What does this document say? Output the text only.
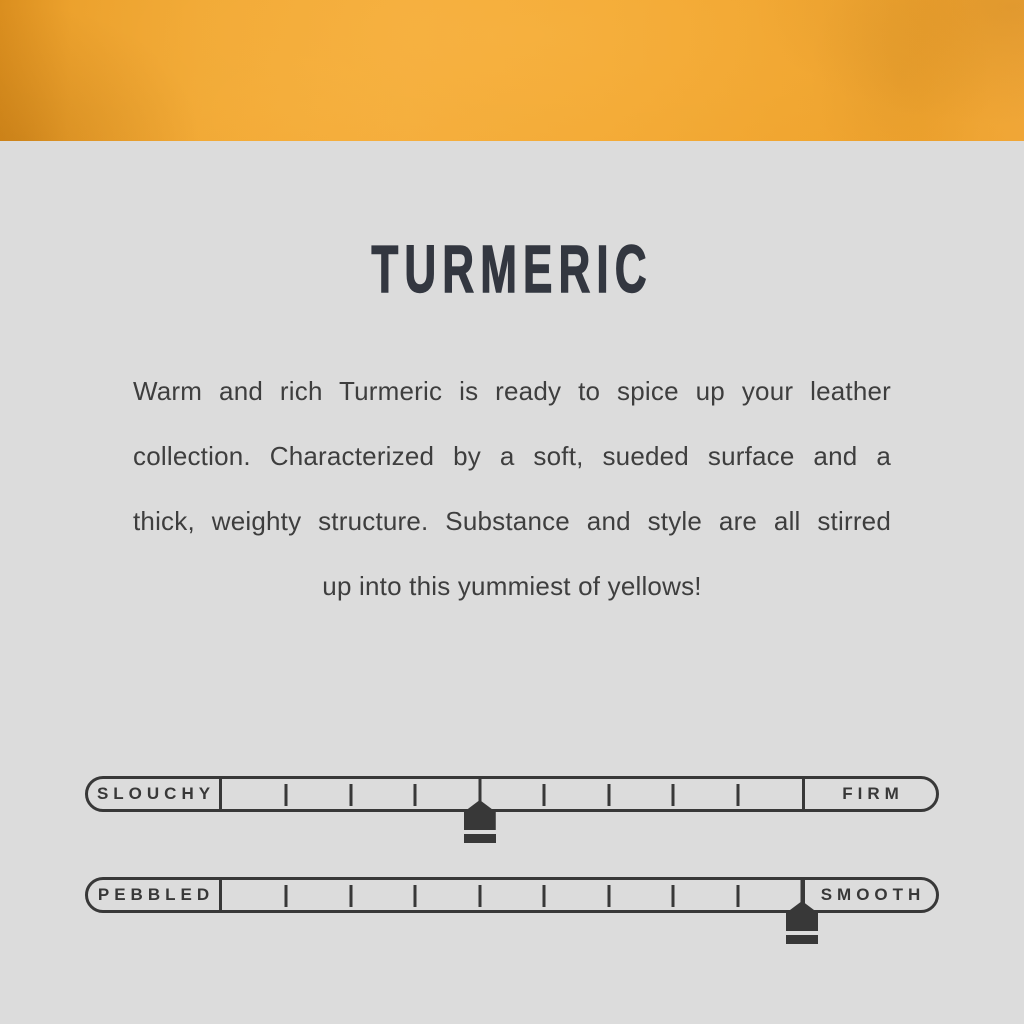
TURMERIC
Warm and rich Turmeric is ready to spice up your leather
collection. Characterized by a soft, sueded surface and a
thick, weighty structure. Substance and style are all stirred
up into this yummiest of yellows!
SLOUCHY	FIRM
PEBBLED	SMOOTH
